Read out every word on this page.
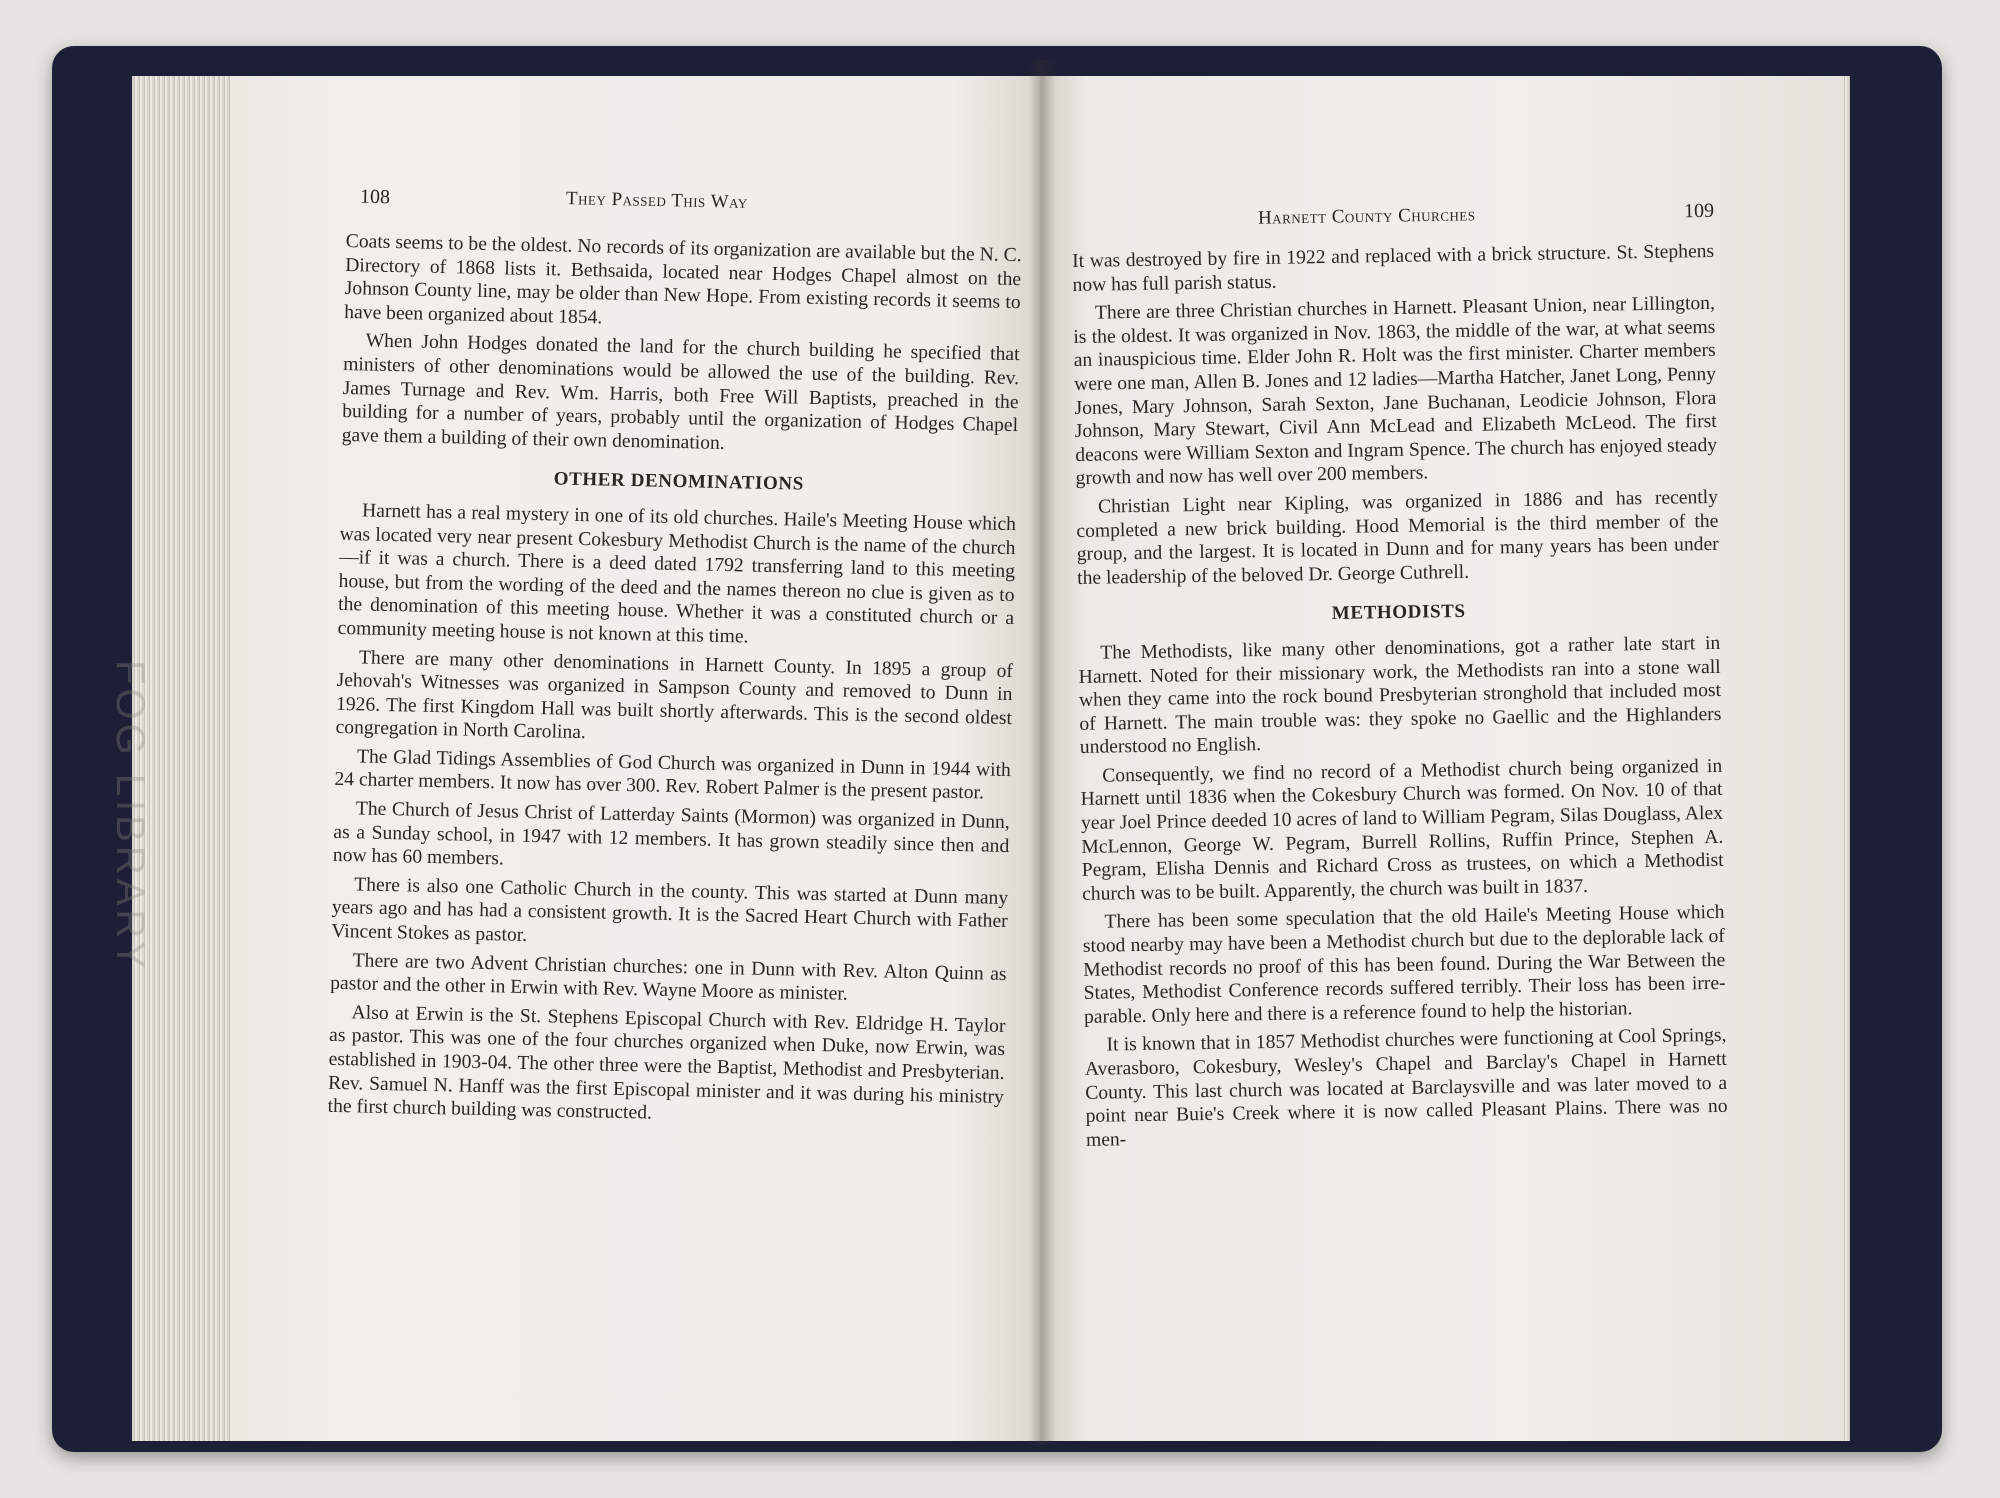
FOG LIBRARY
108	They Passed This Way

Coats seems to be the oldest. No records of its organization are available but the N. C. Directory of 1868 lists it. Bethsaida, located near Hodges Chapel almost on the Johnson County line, may be older than New Hope. From existing records it seems to have been organized about 1854.

When John Hodges donated the land for the church building he specified that ministers of other denominations would be allowed the use of the building. Rev. James Turnage and Rev. Wm. Harris, both Free Will Baptists, preached in the building for a number of years, probably until the organization of Hodges Chapel gave them a building of their own denomination.

OTHER DENOMINATIONS

Harnett has a real mystery in one of its old churches. Haile's Meeting House which was located very near present Cokesbury Methodist Church is the name of the church—if it was a church. There is a deed dated 1792 transferring land to this meeting house, but from the wording of the deed and the names thereon no clue is given as to the denomination of this meeting house. Whether it was a constituted church or a community meeting house is not known at this time.

There are many other denominations in Harnett County. In 1895 a group of Jehovah's Witnesses was organized in Sampson County and removed to Dunn in 1926. The first Kingdom Hall was built shortly afterwards. This is the second oldest congregation in North Carolina.

The Glad Tidings Assemblies of God Church was organized in Dunn in 1944 with 24 charter members. It now has over 300. Rev. Robert Palmer is the present pastor.

The Church of Jesus Christ of Latterday Saints (Mormon) was organized in Dunn, as a Sunday school, in 1947 with 12 members. It has grown steadily since then and now has 60 members.

There is also one Catholic Church in the county. This was started at Dunn many years ago and has had a consistent growth. It is the Sacred Heart Church with Father Vincent Stokes as pastor.

There are two Advent Christian churches: one in Dunn with Rev. Alton Quinn as pastor and the other in Erwin with Rev. Wayne Moore as minister.

Also at Erwin is the St. Stephens Episcopal Church with Rev. Eldridge H. Taylor as pastor. This was one of the four churches organized when Duke, now Erwin, was established in 1903-04. The other three were the Baptist, Methodist and Presbyterian. Rev. Samuel N. Hanff was the first Episcopal minister and it was during his ministry the first church building was constructed.

Harnett County Churches	109

It was destroyed by fire in 1922 and replaced with a brick structure. St. Stephens now has full parish status.

There are three Christian churches in Harnett. Pleasant Union, near Lillington, is the oldest. It was organized in Nov. 1863, the middle of the war, at what seems an inauspicious time. Elder John R. Holt was the first minister. Charter members were one man, Allen B. Jones and 12 ladies—Martha Hatcher, Janet Long, Penny Jones, Mary Johnson, Sarah Sexton, Jane Buchanan, Leodicie Johnson, Flora Johnson, Mary Stewart, Civil Ann McLead and Elizabeth McLeod. The first deacons were William Sexton and Ingram Spence. The church has enjoyed steady growth and now has well over 200 members.

Christian Light near Kipling, was organized in 1886 and has recently completed a new brick building. Hood Memorial is the third member of the group, and the largest. It is located in Dunn and for many years has been under the leadership of the beloved Dr. George Cuthrell.

METHODISTS

The Methodists, like many other denominations, got a rather late start in Harnett. Noted for their missionary work, the Methodists ran into a stone wall when they came into the rock bound Presbyterian stronghold that included most of Harnett. The main trouble was: they spoke no Gaellic and the Highlanders understood no English.

Consequently, we find no record of a Methodist church being organized in Harnett until 1836 when the Cokesbury Church was formed. On Nov. 10 of that year Joel Prince deeded 10 acres of land to William Pegram, Silas Douglass, Alex McLennon, George W. Pegram, Burrell Rollins, Ruffin Prince, Stephen A. Pegram, Elisha Dennis and Richard Cross as trustees, on which a Methodist church was to be built. Apparently, the church was built in 1837.

There has been some speculation that the old Haile's Meeting House which stood nearby may have been a Methodist church but due to the deplorable lack of Methodist records no proof of this has been found. During the War Between the States, Methodist Conference records suffered terribly. Their loss has been irreparable. Only here and there is a reference found to help the historian.

It is known that in 1857 Methodist churches were functioning at Cool Springs, Averasboro, Cokesbury, Wesley's Chapel and Barclay's Chapel in Harnett County. This last church was located at Barclaysville and was later moved to a point near Buie's Creek where it is now called Pleasant Plains. There was no men-
